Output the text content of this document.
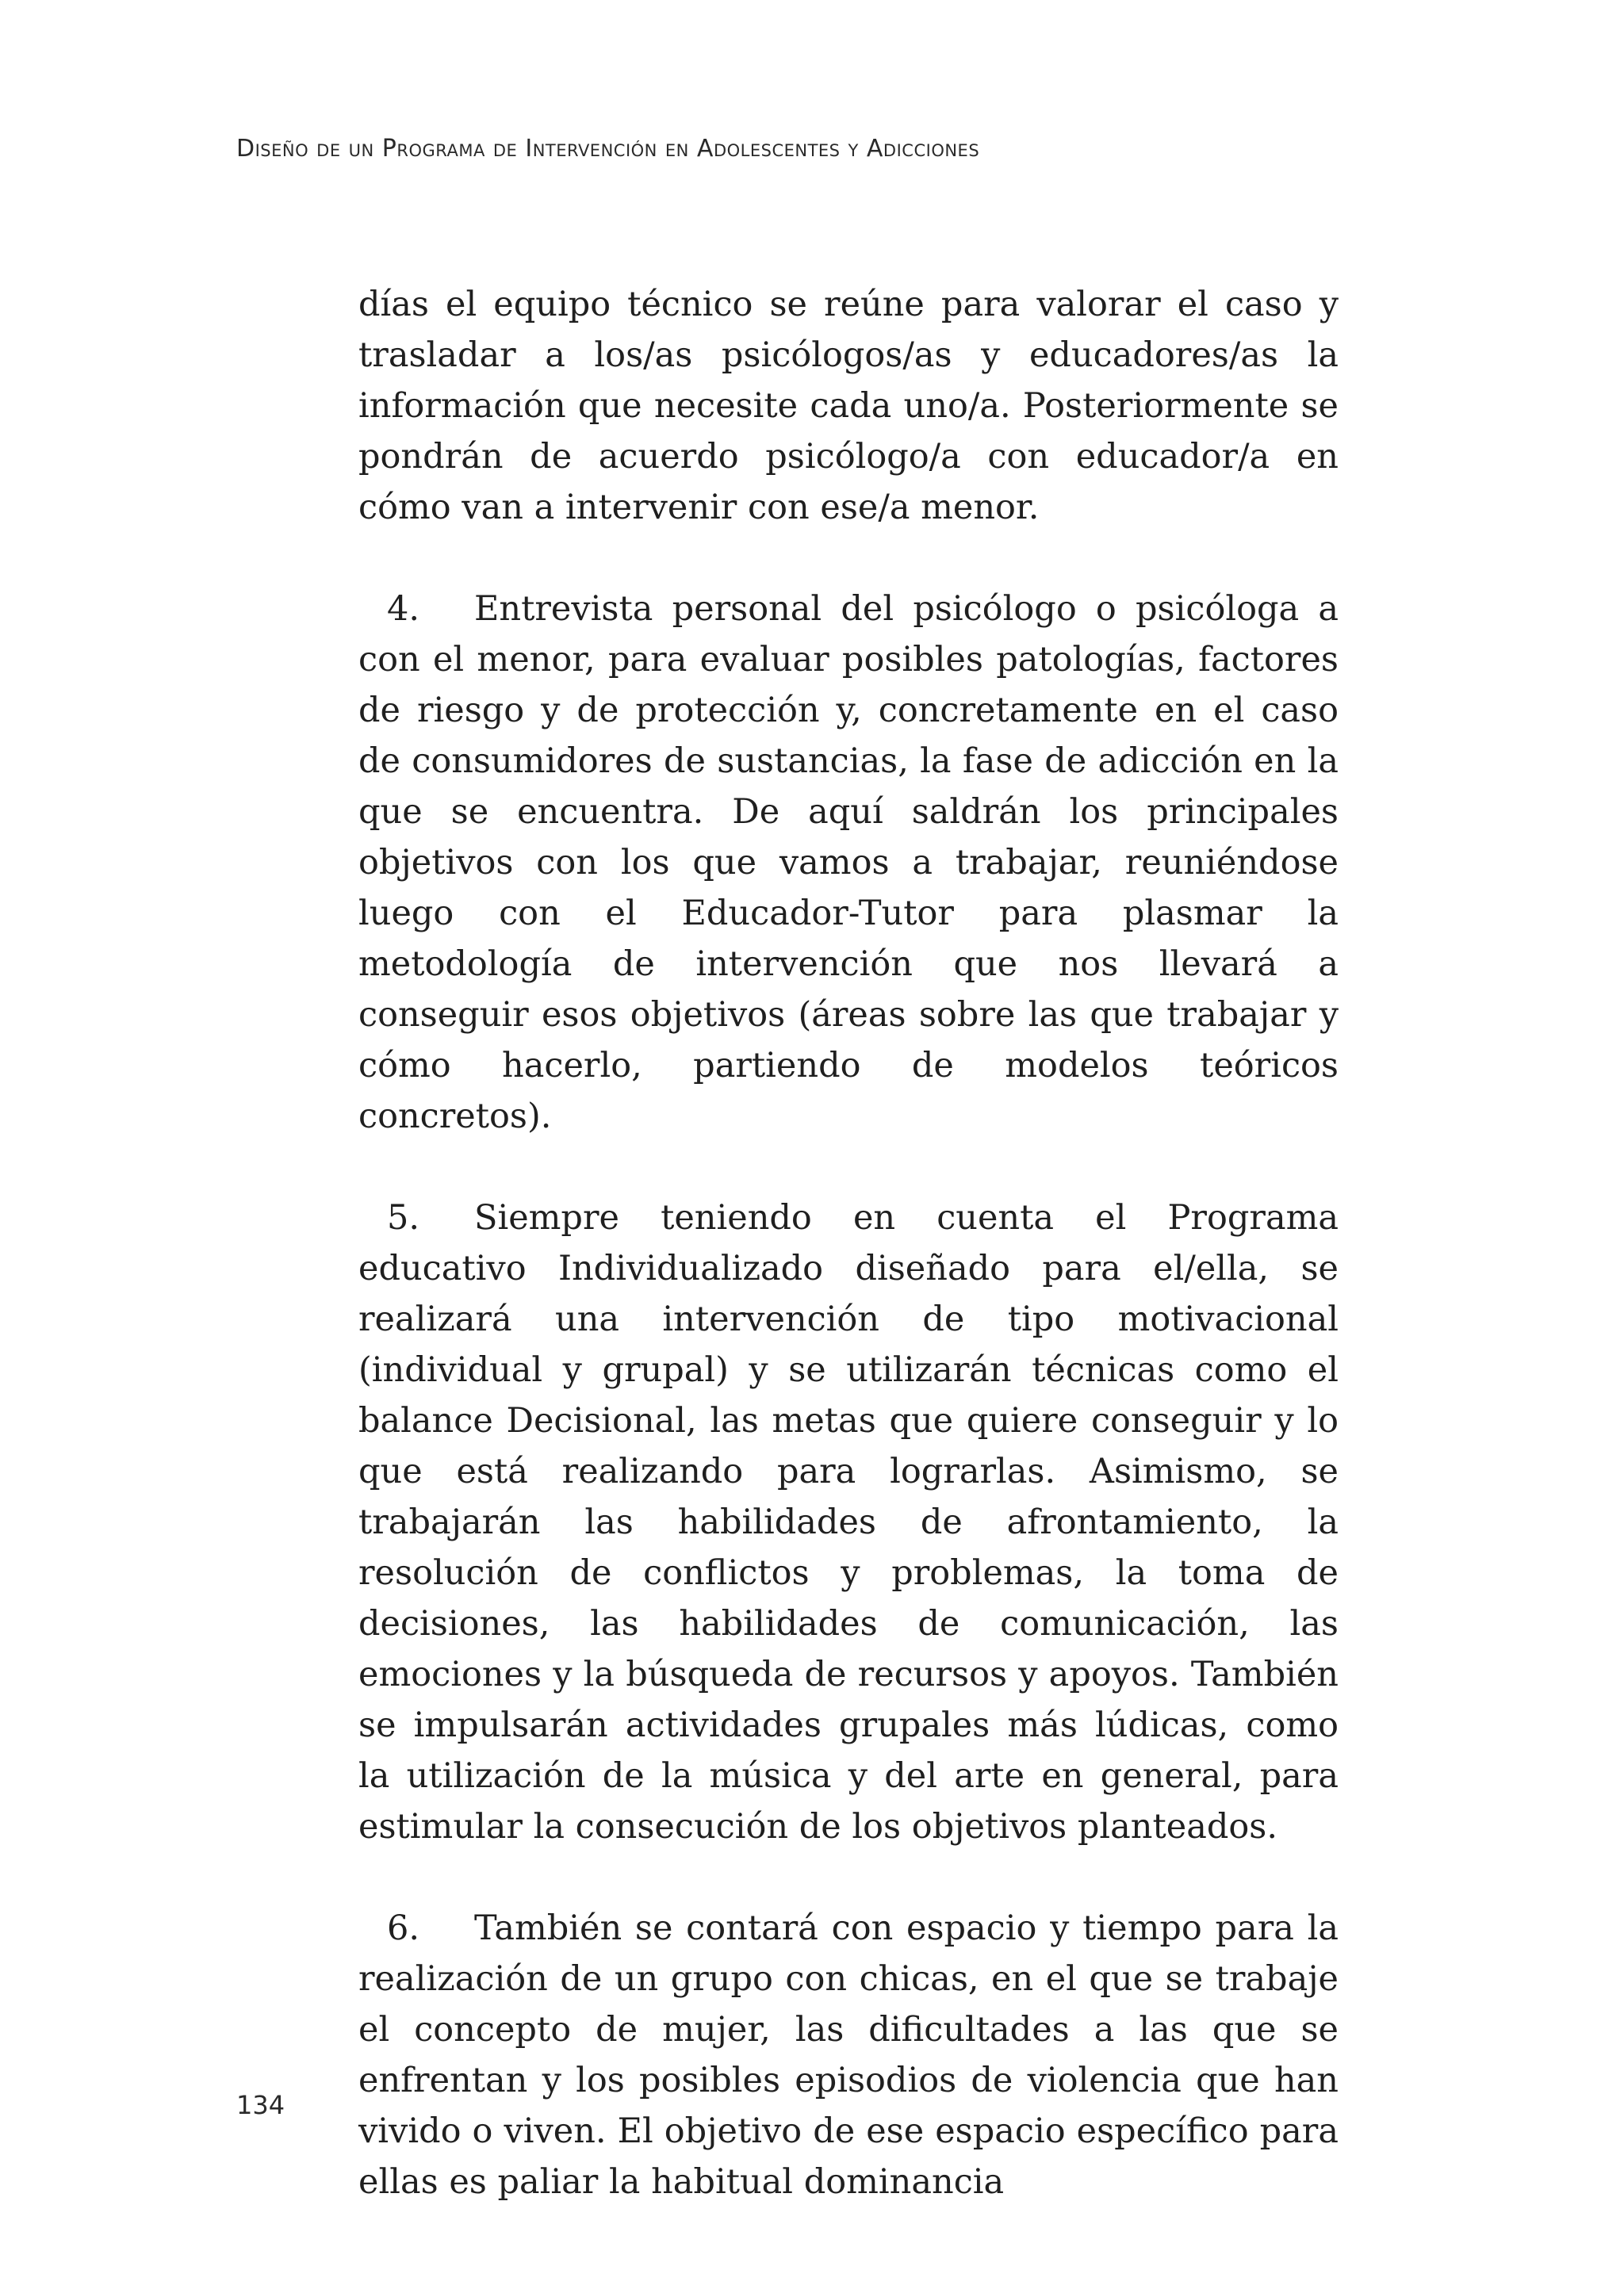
Diseño de un Programa de Intervención en Adolescentes y Adicciones

días el equipo técnico se reúne para valorar el caso y trasladar a los/as psicólogos/as y educadores/as la información que necesite cada uno/a. Posteriormente se pondrán de acuerdo psicólogo/a con educador/a en cómo van a intervenir con ese/a menor.

4. Entrevista personal del psicólogo o psicóloga a con el menor, para evaluar posibles patologías, factores de riesgo y de protección y, concretamente en el caso de consumidores de sustancias, la fase de adicción en la que se encuentra. De aquí saldrán los principales objetivos con los que vamos a trabajar, reuniéndose luego con el Educador-Tutor para plasmar la metodología de intervención que nos llevará a conseguir esos objetivos (áreas sobre las que trabajar y cómo hacerlo, partiendo de modelos teóricos concretos).

5. Siempre teniendo en cuenta el Programa educativo Individualizado diseñado para el/ella, se realizará una intervención de tipo motivacional (individual y grupal) y se utilizarán técnicas como el balance Decisional, las metas que quiere conseguir y lo que está realizando para lograrlas. Asimismo, se trabajarán las habilidades de afrontamiento, la resolución de conflictos y problemas, la toma de decisiones, las habilidades de comunicación, las emociones y la búsqueda de recursos y apoyos. También se impulsarán actividades grupales más lúdicas, como la utilización de la música y del arte en general, para estimular la consecución de los objetivos planteados.

6. También se contará con espacio y tiempo para la realización de un grupo con chicas, en el que se trabaje el concepto de mujer, las dificultades a las que se enfrentan y los posibles episodios de violencia que han vivido o viven. El objetivo de ese espacio específico para ellas es paliar la habitual dominancia

134
